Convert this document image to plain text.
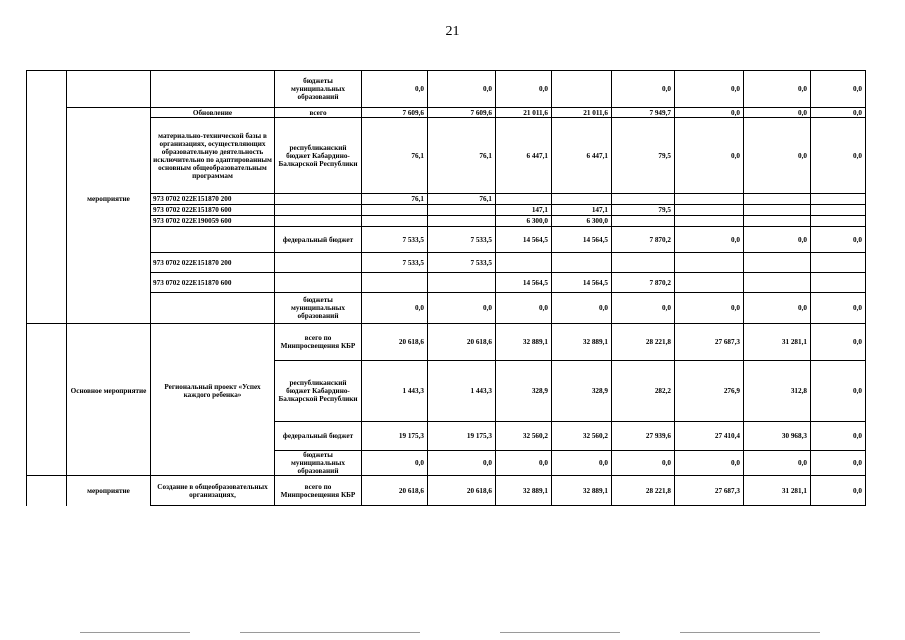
21
			бюджеты муниципальных образований	0,0	0,0	0,0		0,0	0,0	0,0	0,0
		Обновление	всего	7 609,6	7 609,6	21 011,6	21 011,6	7 949,7	0,0	0,0	0,0
		материально-технической базы в организациях, осуществляющих образовательную деятельность исключительно по адаптированным основным общеобразовательным программам	республиканский бюджет Кабардино-Балкарской Республики	76,1	76,1	6 447,1	6 447,1	79,5	0,0	0,0	0,0
	мероприятие	973 0702 022E151870 200		76,1	76,1						
		973 0702 022E151870 600				147,1	147,1	79,5			
		973 0702 022E190059 600				6 300,0	6 300,0				
			федеральный бюджет	7 533,5	7 533,5	14 564,5	14 564,5	7 870,2	0,0	0,0	0,0
		973 0702 022E151870 200		7 533,5	7 533,5						
		973 0702 022E151870 600				14 564,5	14 564,5	7 870,2			
			бюджеты муниципальных образований	0,0	0,0	0,0	0,0	0,0	0,0	0,0	0,0
			всего по Минпросвещения КБР	20 618,6	20 618,6	32 889,1	32 889,1	28 221,8	27 687,3	31 281,1	0,0
	Основное мероприятие	Региональный проект «Успех каждого ребенка»	республиканский бюджет Кабардино-Балкарской Республики	1 443,3	1 443,3	328,9	328,9	282,2	276,9	312,8	0,0
			федеральный бюджет	19 175,3	19 175,3	32 560,2	32 560,2	27 939,6	27 410,4	30 968,3	0,0
			бюджеты муниципальных образований	0,0	0,0	0,0	0,0	0,0	0,0	0,0	0,0
	мероприятие	Создание в общеобразовательных организациях,	всего по Минпросвещения КБР	20 618,6	20 618,6	32 889,1	32 889,1	28 221,8	27 687,3	31 281,1	0,0
